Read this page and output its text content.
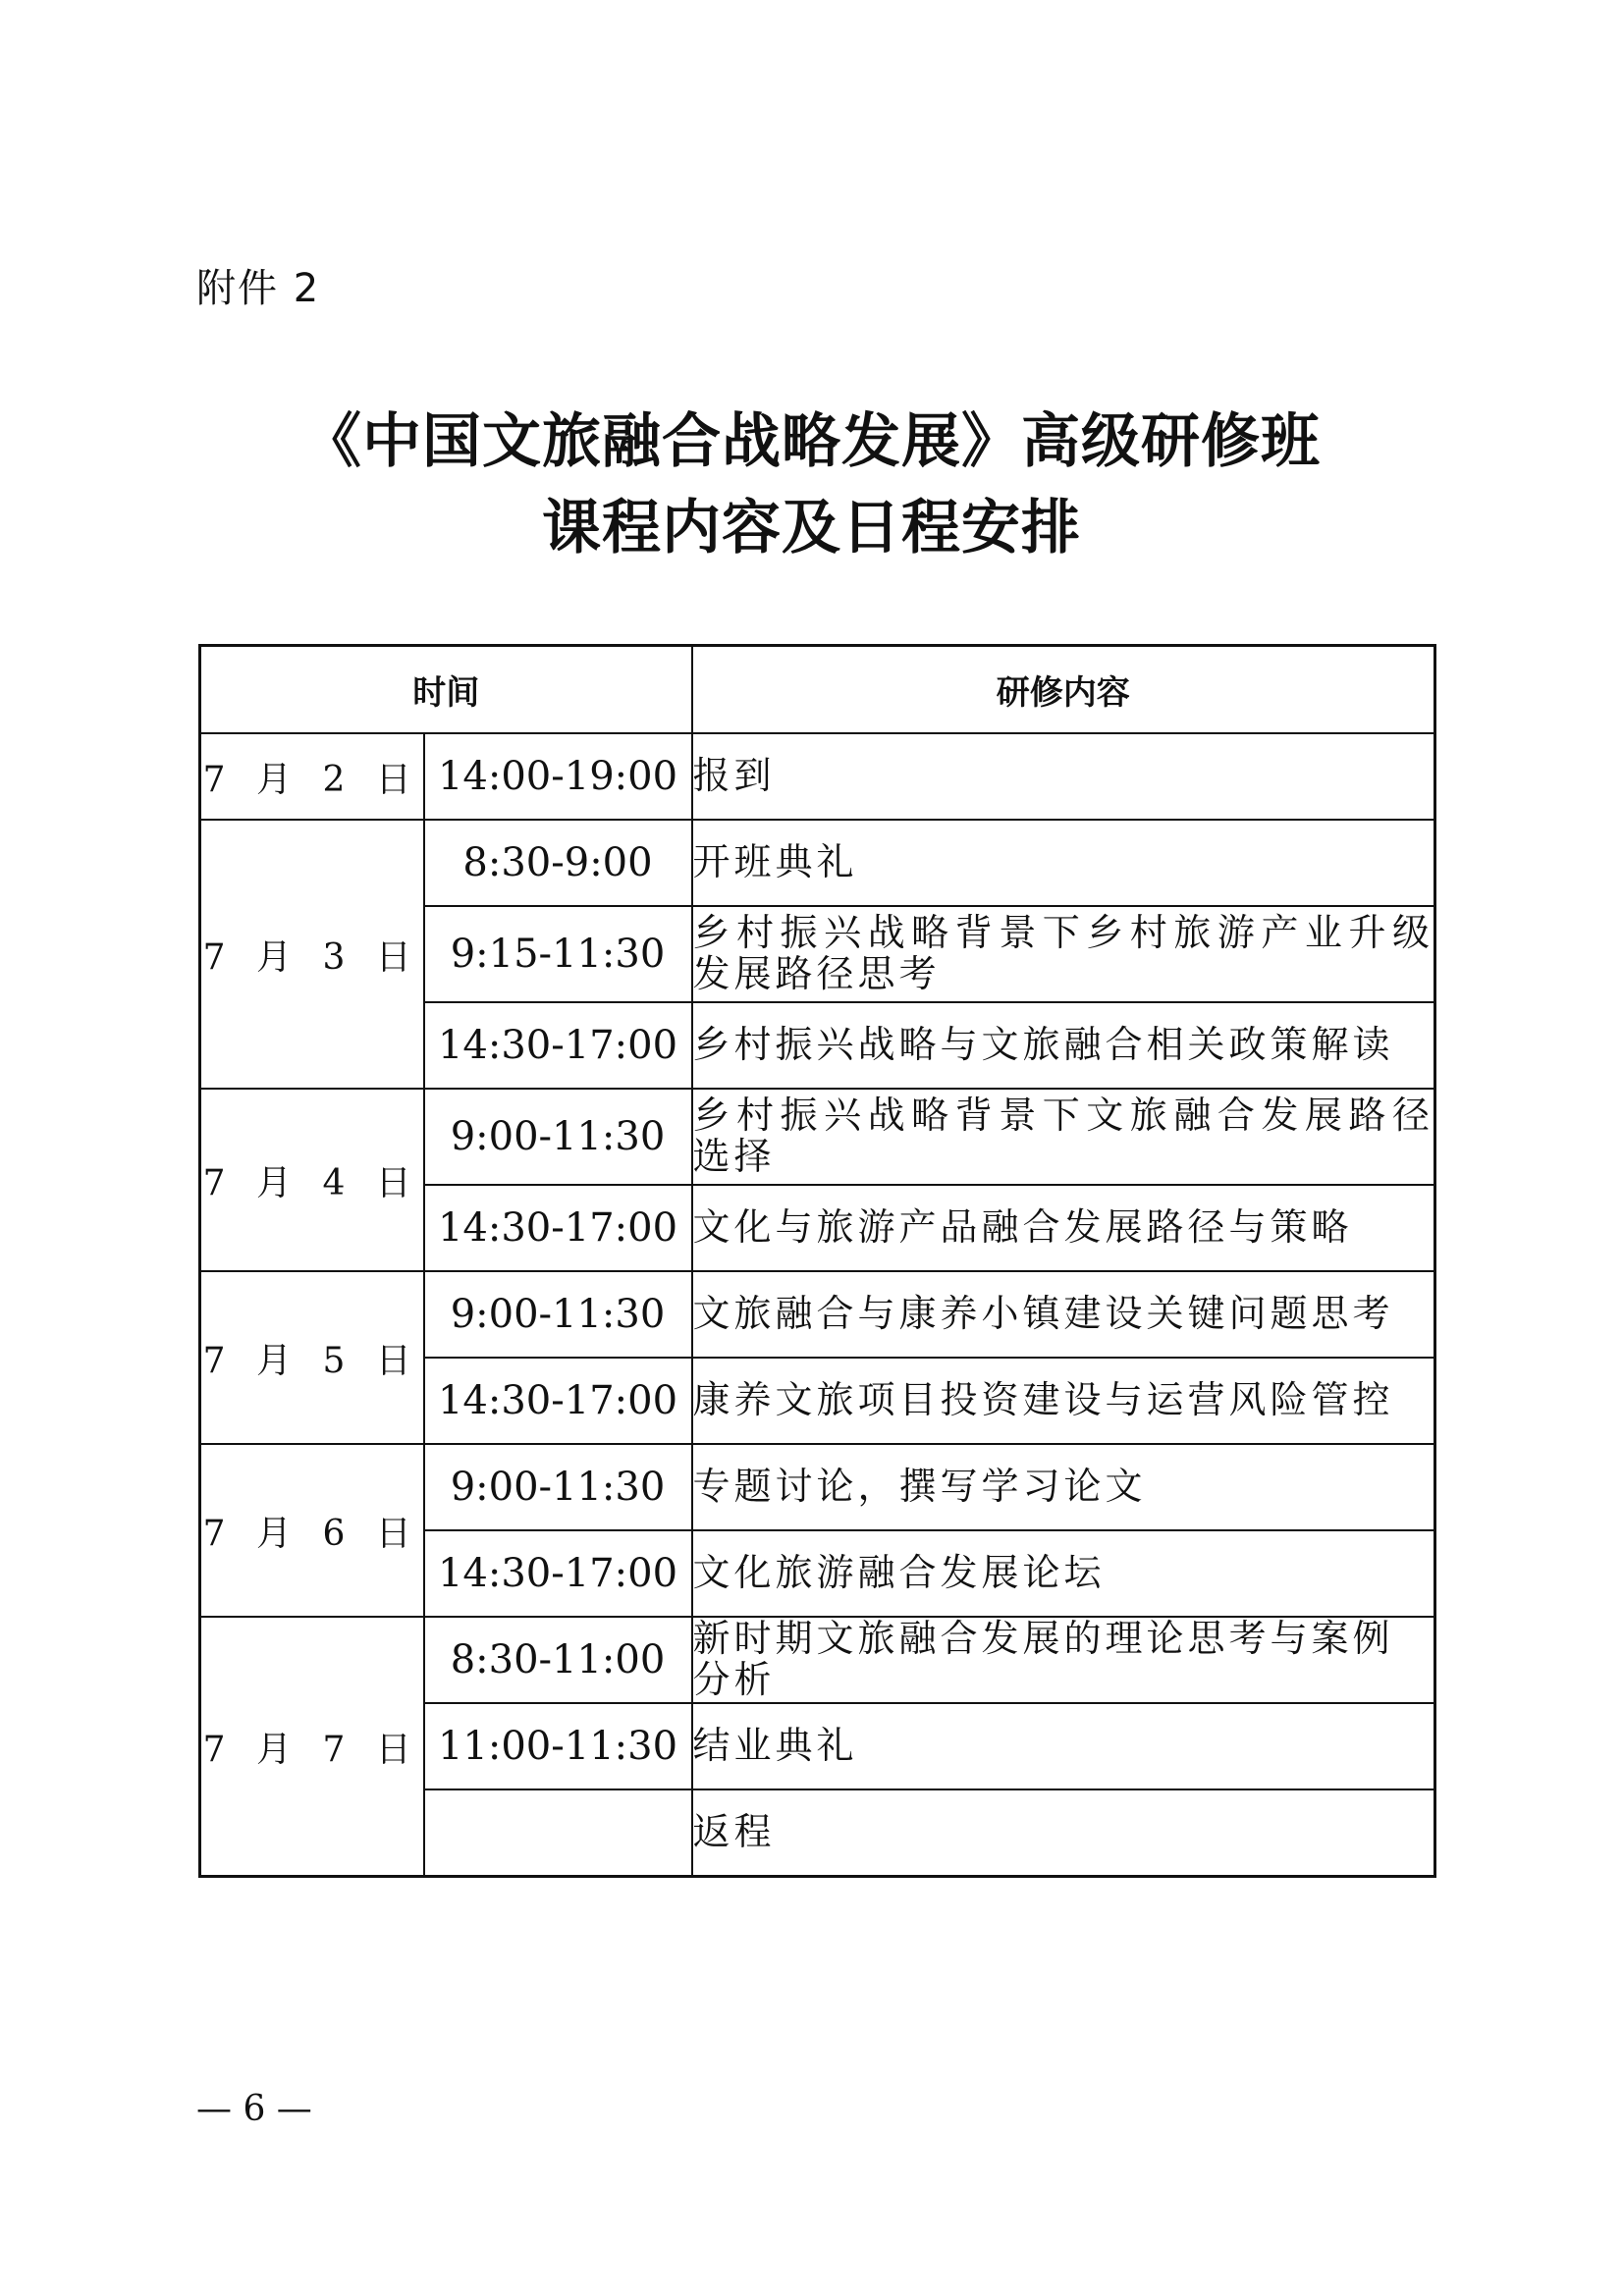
附件 2
《中国文旅融合战略发展》高级研修班
课程内容及日程安排
时间		研修内容
7 月 2 日	14:00-19:00	报到
7 月 3 日	8:30-9:00	开班典礼
	9:15-11:30	乡村振兴战略背景下乡村旅游产业升级发展路径思考
	14:30-17:00	乡村振兴战略与文旅融合相关政策解读
7 月 4 日	9:00-11:30	乡村振兴战略背景下文旅融合发展路径选择
	14:30-17:00	文化与旅游产品融合发展路径与策略
7 月 5 日	9:00-11:30	文旅融合与康养小镇建设关键问题思考
	14:30-17:00	康养文旅项目投资建设与运营风险管控
7 月 6 日	9:00-11:30	专题讨论，撰写学习论文
	14:30-17:00	文化旅游融合发展论坛
7 月 7 日	8:30-11:00	新时期文旅融合发展的理论思考与案例分析
	11:00-11:30	结业典礼
		返程
— 6 —
